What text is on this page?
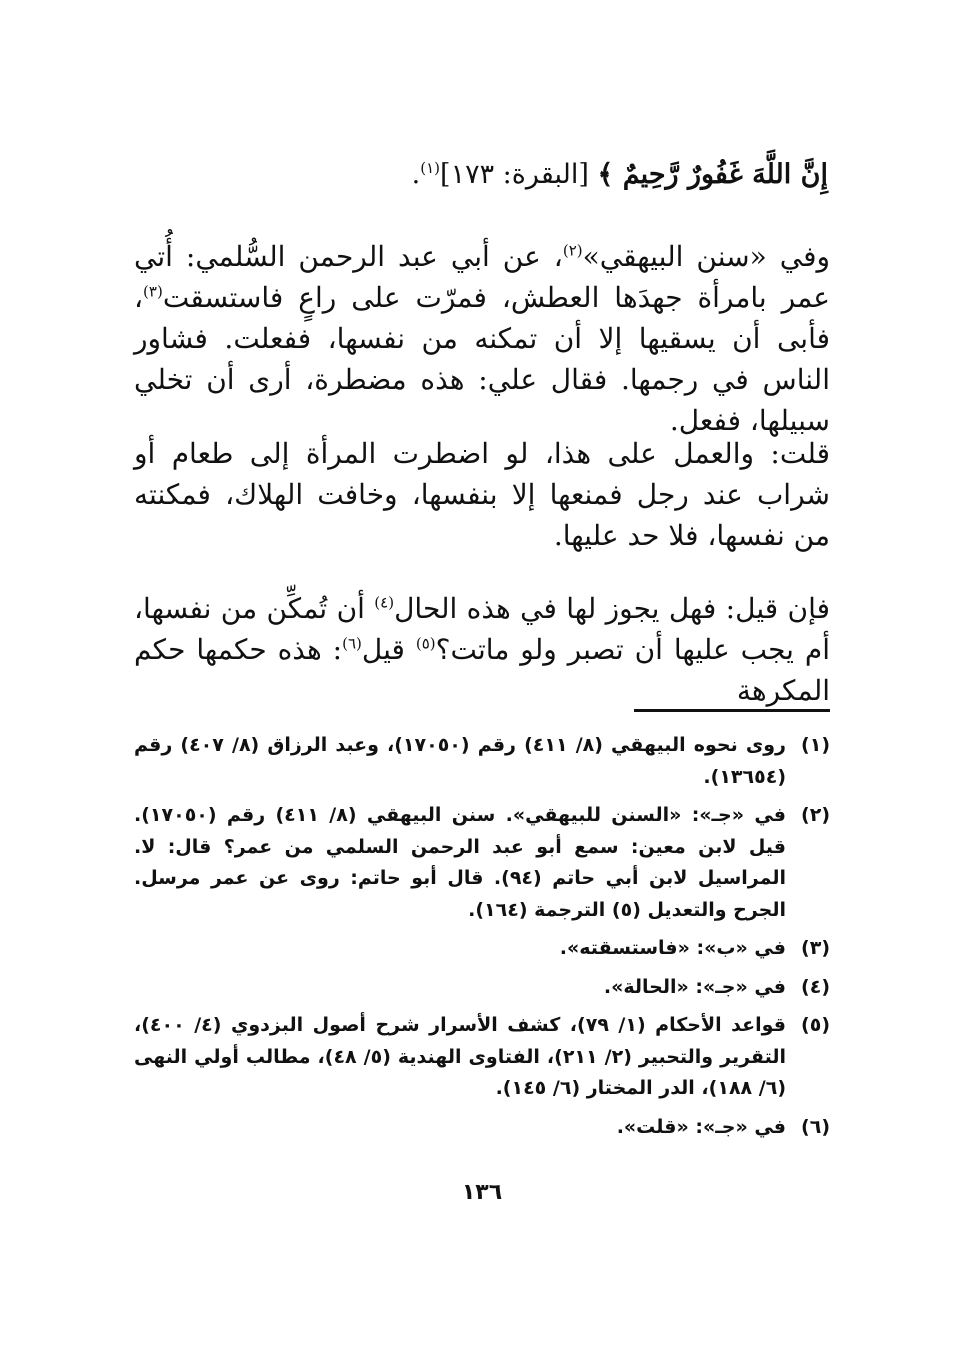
إِنَّ اللَّهَ غَفُورٌ رَّحِيمٌ ﴾ [البقرة: ١٧٣]$^{(١)}$.

وفي «سنن البيهقي»$^{(٢)}$، عن أبي عبد الرحمن السُّلمي: أُتي عمر بامرأة جهدَها العطش، فمرّت على راعٍ فاستسقت$^{(٣)}$، فأبى أن يسقيها إلا أن تمكنه من نفسها، ففعلت. فشاور الناس في رجمها. فقال علي: هذه مضطرة، أرى أن تخلي سبيلها، ففعل.

قلت: والعمل على هذا، لو اضطرت المرأة إلى طعام أو شراب عند رجل فمنعها إلا بنفسها، وخافت الهلاك، فمكنته من نفسها، فلا حد عليها.

فإن قيل: فهل يجوز لها في هذه الحال$^{(٤)}$ أن تُمكِّن من نفسها، أم يجب عليها أن تصبر ولو ماتت؟$^{(٥)}$ قيل$^{(٦)}$: هذه حكمها حكم المكرهة

(١)
روى نحوه البيهقي (٨/ ٤١١) رقم (١٧٠٥٠)، وعبد الرزاق (٨/ ٤٠٧) رقم (١٣٦٥٤).
(٢)
في «جـ»: «السنن للبيهقي». سنن البيهقي (٨/ ٤١١) رقم (١٧٠٥٠). قيل لابن معين: سمع أبو عبد الرحمن السلمي من عمر؟ قال: لا. المراسيل لابن أبي حاتم (٩٤). قال أبو حاتم: روى عن عمر مرسل. الجرح والتعديل (٥) الترجمة (١٦٤).
(٣)
في «ب»: «فاستسقته».
(٤)
في «جـ»: «الحالة».
(٥)
قواعد الأحكام (١/ ٧٩)، كشف الأسرار شرح أصول البزدوي (٤/ ٤٠٠)، التقرير والتحبير (٢/ ٢١١)، الفتاوى الهندية (٥/ ٤٨)، مطالب أولي النهى (٦/ ١٨٨)، الدر المختار (٦/ ١٤٥).
(٦)
في «جـ»: «قلت».
١٣٦
